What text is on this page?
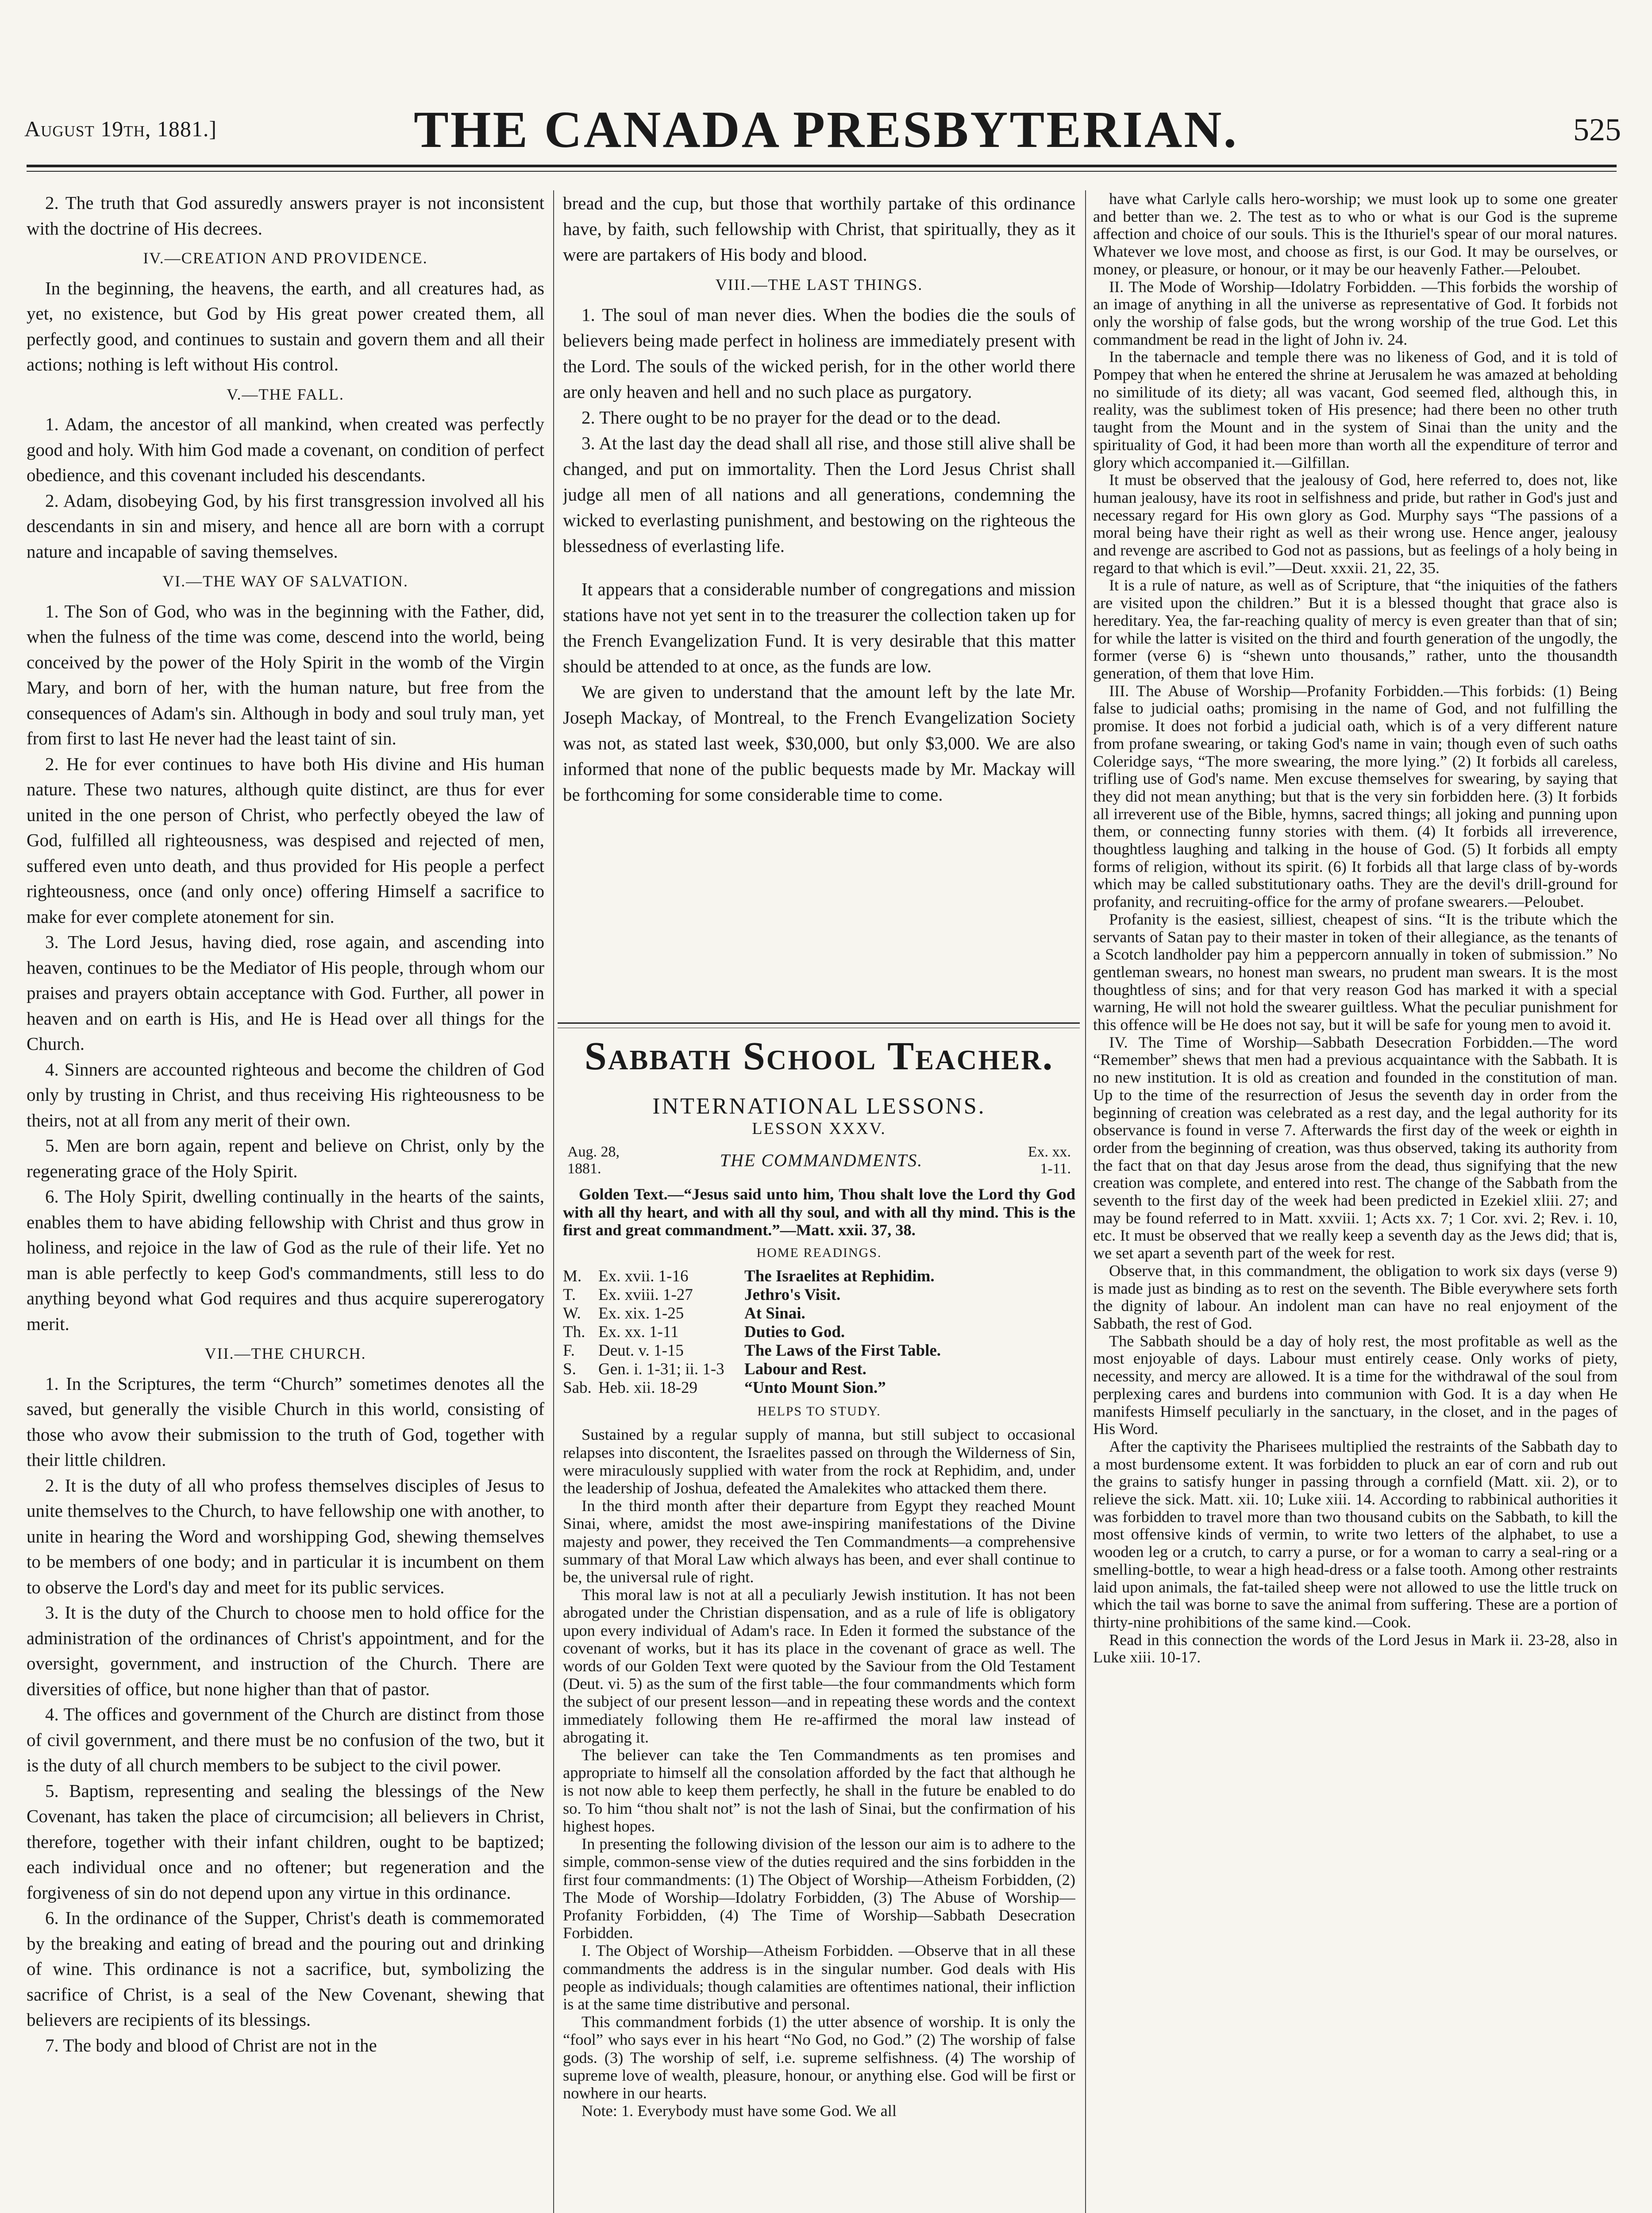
August 19th, 1881.]	THE CANADA PRESBYTERIAN.	525

2. The truth that God assuredly answers prayer is not inconsistent with the doctrine of His decrees.

IV.—CREATION AND PROVIDENCE.

In the beginning, the heavens, the earth, and all creatures had, as yet, no existence, but God by His great power created them, all perfectly good, and continues to sustain and govern them and all their actions; nothing is left without His control.

V.—THE FALL.

1. Adam, the ancestor of all mankind, when created was perfectly good and holy. With him God made a covenant, on condition of perfect obedience, and this covenant included his descendants.

2. Adam, disobeying God, by his first transgression involved all his descendants in sin and misery, and hence all are born with a corrupt nature and incapable of saving themselves.

VI.—THE WAY OF SALVATION.

1. The Son of God, who was in the beginning with the Father, did, when the fulness of the time was come, descend into the world, being conceived by the power of the Holy Spirit in the womb of the Virgin Mary, and born of her, with the human nature, but free from the consequences of Adam's sin. Although in body and soul truly man, yet from first to last He never had the least taint of sin.

2. He for ever continues to have both His divine and His human nature. These two natures, although quite distinct, are thus for ever united in the one person of Christ, who perfectly obeyed the law of God, fulfilled all righteousness, was despised and rejected of men, suffered even unto death, and thus provided for His people a perfect righteousness, once (and only once) offering Himself a sacrifice to make for ever complete atonement for sin.

3. The Lord Jesus, having died, rose again, and ascending into heaven, continues to be the Mediator of His people, through whom our praises and prayers obtain acceptance with God. Further, all power in heaven and on earth is His, and He is Head over all things for the Church.

4. Sinners are accounted righteous and become the children of God only by trusting in Christ, and thus receiving His righteousness to be theirs, not at all from any merit of their own.

5. Men are born again, repent and believe on Christ, only by the regenerating grace of the Holy Spirit.

6. The Holy Spirit, dwelling continually in the hearts of the saints, enables them to have abiding fellowship with Christ and thus grow in holiness, and rejoice in the law of God as the rule of their life. Yet no man is able perfectly to keep God's commandments, still less to do anything beyond what God requires and thus acquire supererogatory merit.

VII.—THE CHURCH.

1. In the Scriptures, the term “Church” sometimes denotes all the saved, but generally the visible Church in this world, consisting of those who avow their submission to the truth of God, together with their little children.

2. It is the duty of all who profess themselves disciples of Jesus to unite themselves to the Church, to have fellowship one with another, to unite in hearing the Word and worshipping God, shewing themselves to be members of one body; and in particular it is incumbent on them to observe the Lord's day and meet for its public services.

3. It is the duty of the Church to choose men to hold office for the administration of the ordinances of Christ's appointment, and for the oversight, government, and instruction of the Church. There are diversities of office, but none higher than that of pastor.

4. The offices and government of the Church are distinct from those of civil government, and there must be no confusion of the two, but it is the duty of all church members to be subject to the civil power.

5. Baptism, representing and sealing the blessings of the New Covenant, has taken the place of circumcision; all believers in Christ, therefore, together with their infant children, ought to be baptized; each individual once and no oftener; but regeneration and the forgiveness of sin do not depend upon any virtue in this ordinance.

6. In the ordinance of the Supper, Christ's death is commemorated by the breaking and eating of bread and the pouring out and drinking of wine. This ordinance is not a sacrifice, but, symbolizing the sacrifice of Christ, is a seal of the New Covenant, shewing that believers are recipients of its blessings.

7. The body and blood of Christ are not in the

bread and the cup, but those that worthily partake of this ordinance have, by faith, such fellowship with Christ, that spiritually, they as it were are partakers of His body and blood.

VIII.—THE LAST THINGS.

1. The soul of man never dies. When the bodies die the souls of believers being made perfect in holiness are immediately present with the Lord. The souls of the wicked perish, for in the other world there are only heaven and hell and no such place as purgatory.

2. There ought to be no prayer for the dead or to the dead.

3. At the last day the dead shall all rise, and those still alive shall be changed, and put on immortality. Then the Lord Jesus Christ shall judge all men of all nations and all generations, condemning the wicked to everlasting punishment, and bestowing on the righteous the blessedness of everlasting life.

It appears that a considerable number of congregations and mission stations have not yet sent in to the treasurer the collection taken up for the French Evangelization Fund. It is very desirable that this matter should be attended to at once, as the funds are low.

We are given to understand that the amount left by the late Mr. Joseph Mackay, of Montreal, to the French Evangelization Society was not, as stated last week, $30,000, but only $3,000. We are also informed that none of the public bequests made by Mr. Mackay will be forthcoming for some considerable time to come.

Sabbath School Teacher.
INTERNATIONAL LESSONS.
LESSON XXXV.
Aug. 28, 1881.	THE COMMANDMENTS.	Ex. xx. 1-11.

Golden Text.—“Jesus said unto him, Thou shalt love the Lord thy God with all thy heart, and with all thy soul, and with all thy mind. This is the first and great commandment.”—Matt. xxii. 37, 38.

HOME READINGS.
M.	Ex. xvii. 1-16	The Israelites at Rephidim.
T.	Ex. xviii. 1-27	Jethro's Visit.
W.	Ex. xix. 1-25	At Sinai.
Th. Ex. xx. 1-11	Duties to God.
F.	Deut. v. 1-15	The Laws of the First Table.
S.	Gen. i. 1-31; ii. 1-3	Labour and Rest.
Sab. Heb. xii. 18-29	“Unto Mount Sion.”
HELPS TO STUDY.

Sustained by a regular supply of manna, but still subject to occasional relapses into discontent, the Israelites passed on through the Wilderness of Sin, were miraculously supplied with water from the rock at Rephidim, and, under the leadership of Joshua, defeated the Amalekites who attacked them there.

In the third month after their departure from Egypt they reached Mount Sinai, where, amidst the most awe-inspiring manifestations of the Divine majesty and power, they received the Ten Commandments—a comprehensive summary of that Moral Law which always has been, and ever shall continue to be, the universal rule of right.

This moral law is not at all a peculiarly Jewish institution. It has not been abrogated under the Christian dispensation, and as a rule of life is obligatory upon every individual of Adam's race. In Eden it formed the substance of the covenant of works, but it has its place in the covenant of grace as well. The words of our Golden Text were quoted by the Saviour from the Old Testament (Deut. vi. 5) as the sum of the first table—the four commandments which form the subject of our present lesson—and in repeating these words and the context immediately following them He re-affirmed the moral law instead of abrogating it.

The believer can take the Ten Commandments as ten promises and appropriate to himself all the consolation afforded by the fact that although he is not now able to keep them perfectly, he shall in the future be enabled to do so. To him “thou shalt not” is not the lash of Sinai, but the confirmation of his highest hopes.

In presenting the following division of the lesson our aim is to adhere to the simple, common-sense view of the duties required and the sins forbidden in the first four commandments: (1) The Object of Worship—Atheism Forbidden, (2) The Mode of Worship—Idolatry Forbidden, (3) The Abuse of Worship—Profanity Forbidden, (4) The Time of Worship—Sabbath Desecration Forbidden.

I. The Object of Worship—Atheism Forbidden. —Observe that in all these commandments the address is in the singular number. God deals with His people as individuals; though calamities are oftentimes national, their infliction is at the same time distributive and personal.

This commandment forbids (1) the utter absence of worship. It is only the “fool” who says ever in his heart “No God, no God.” (2) The worship of false gods. (3) The worship of self, i.e. supreme selfishness. (4) The worship of supreme love of wealth, pleasure, honour, or anything else. God will be first or nowhere in our hearts.

Note: 1. Everybody must have some God. We all

have what Carlyle calls hero-worship; we must look up to some one greater and better than we. 2. The test as to who or what is our God is the supreme affection and choice of our souls. This is the Ithuriel's spear of our moral natures. Whatever we love most, and choose as first, is our God. It may be ourselves, or money, or pleasure, or honour, or it may be our heavenly Father.—Peloubet.

II. The Mode of Worship—Idolatry Forbidden. —This forbids the worship of an image of anything in all the universe as representative of God. It forbids not only the worship of false gods, but the wrong worship of the true God. Let this commandment be read in the light of John iv. 24.

In the tabernacle and temple there was no likeness of God, and it is told of Pompey that when he entered the shrine at Jerusalem he was amazed at beholding no similitude of its diety; all was vacant, God seemed fled, although this, in reality, was the sublimest token of His presence; had there been no other truth taught from the Mount and in the system of Sinai than the unity and the spirituality of God, it had been more than worth all the expenditure of terror and glory which accompanied it.—Gilfillan.

It must be observed that the jealousy of God, here referred to, does not, like human jealousy, have its root in selfishness and pride, but rather in God's just and necessary regard for His own glory as God. Murphy says “The passions of a moral being have their right as well as their wrong use. Hence anger, jealousy and revenge are ascribed to God not as passions, but as feelings of a holy being in regard to that which is evil.”—Deut. xxxii. 21, 22, 35.

It is a rule of nature, as well as of Scripture, that “the iniquities of the fathers are visited upon the children.” But it is a blessed thought that grace also is hereditary. Yea, the far-reaching quality of mercy is even greater than that of sin; for while the latter is visited on the third and fourth generation of the ungodly, the former (verse 6) is “shewn unto thousands,” rather, unto the thousandth generation, of them that love Him.

III. The Abuse of Worship—Profanity Forbidden.—This forbids: (1) Being false to judicial oaths; promising in the name of God, and not fulfilling the promise. It does not forbid a judicial oath, which is of a very different nature from profane swearing, or taking God's name in vain; though even of such oaths Coleridge says, “The more swearing, the more lying.” (2) It forbids all careless, trifling use of God's name. Men excuse themselves for swearing, by saying that they did not mean anything; but that is the very sin forbidden here. (3) It forbids all irreverent use of the Bible, hymns, sacred things; all joking and punning upon them, or connecting funny stories with them. (4) It forbids all irreverence, thoughtless laughing and talking in the house of God. (5) It forbids all empty forms of religion, without its spirit. (6) It forbids all that large class of by-words which may be called substitutionary oaths. They are the devil's drill-ground for profanity, and recruiting-office for the army of profane swearers.—Peloubet.

Profanity is the easiest, silliest, cheapest of sins. “It is the tribute which the servants of Satan pay to their master in token of their allegiance, as the tenants of a Scotch landholder pay him a peppercorn annually in token of submission.” No gentleman swears, no honest man swears, no prudent man swears. It is the most thoughtless of sins; and for that very reason God has marked it with a special warning, He will not hold the swearer guiltless. What the peculiar punishment for this offence will be He does not say, but it will be safe for young men to avoid it.

IV. The Time of Worship—Sabbath Desecration Forbidden.—The word “Remember” shews that men had a previous acquaintance with the Sabbath. It is no new institution. It is old as creation and founded in the constitution of man. Up to the time of the resurrection of Jesus the seventh day in order from the beginning of creation was celebrated as a rest day, and the legal authority for its observance is found in verse 7. Afterwards the first day of the week or eighth in order from the beginning of creation, was thus observed, taking its authority from the fact that on that day Jesus arose from the dead, thus signifying that the new creation was complete, and entered into rest. The change of the Sabbath from the seventh to the first day of the week had been predicted in Ezekiel xliii. 27; and may be found referred to in Matt. xxviii. 1; Acts xx. 7; 1 Cor. xvi. 2; Rev. i. 10, etc. It must be observed that we really keep a seventh day as the Jews did; that is, we set apart a seventh part of the week for rest.

Observe that, in this commandment, the obligation to work six days (verse 9) is made just as binding as to rest on the seventh. The Bible everywhere sets forth the dignity of labour. An indolent man can have no real enjoyment of the Sabbath, the rest of God.

The Sabbath should be a day of holy rest, the most profitable as well as the most enjoyable of days. Labour must entirely cease. Only works of piety, necessity, and mercy are allowed. It is a time for the withdrawal of the soul from perplexing cares and burdens into communion with God. It is a day when He manifests Himself peculiarly in the sanctuary, in the closet, and in the pages of His Word.

After the captivity the Pharisees multiplied the restraints of the Sabbath day to a most burdensome extent. It was forbidden to pluck an ear of corn and rub out the grains to satisfy hunger in passing through a cornfield (Matt. xii. 2), or to relieve the sick. Matt. xii. 10; Luke xiii. 14. According to rabbinical authorities it was forbidden to travel more than two thousand cubits on the Sabbath, to kill the most offensive kinds of vermin, to write two letters of the alphabet, to use a wooden leg or a crutch, to carry a purse, or for a woman to carry a seal-ring or a smelling-bottle, to wear a high head-dress or a false tooth. Among other restraints laid upon animals, the fat-tailed sheep were not allowed to use the little truck on which the tail was borne to save the animal from suffering. These are a portion of thirty-nine prohibitions of the same kind.—Cook.

Read in this connection the words of the Lord Jesus in Mark ii. 23-28, also in Luke xiii. 10-17.
